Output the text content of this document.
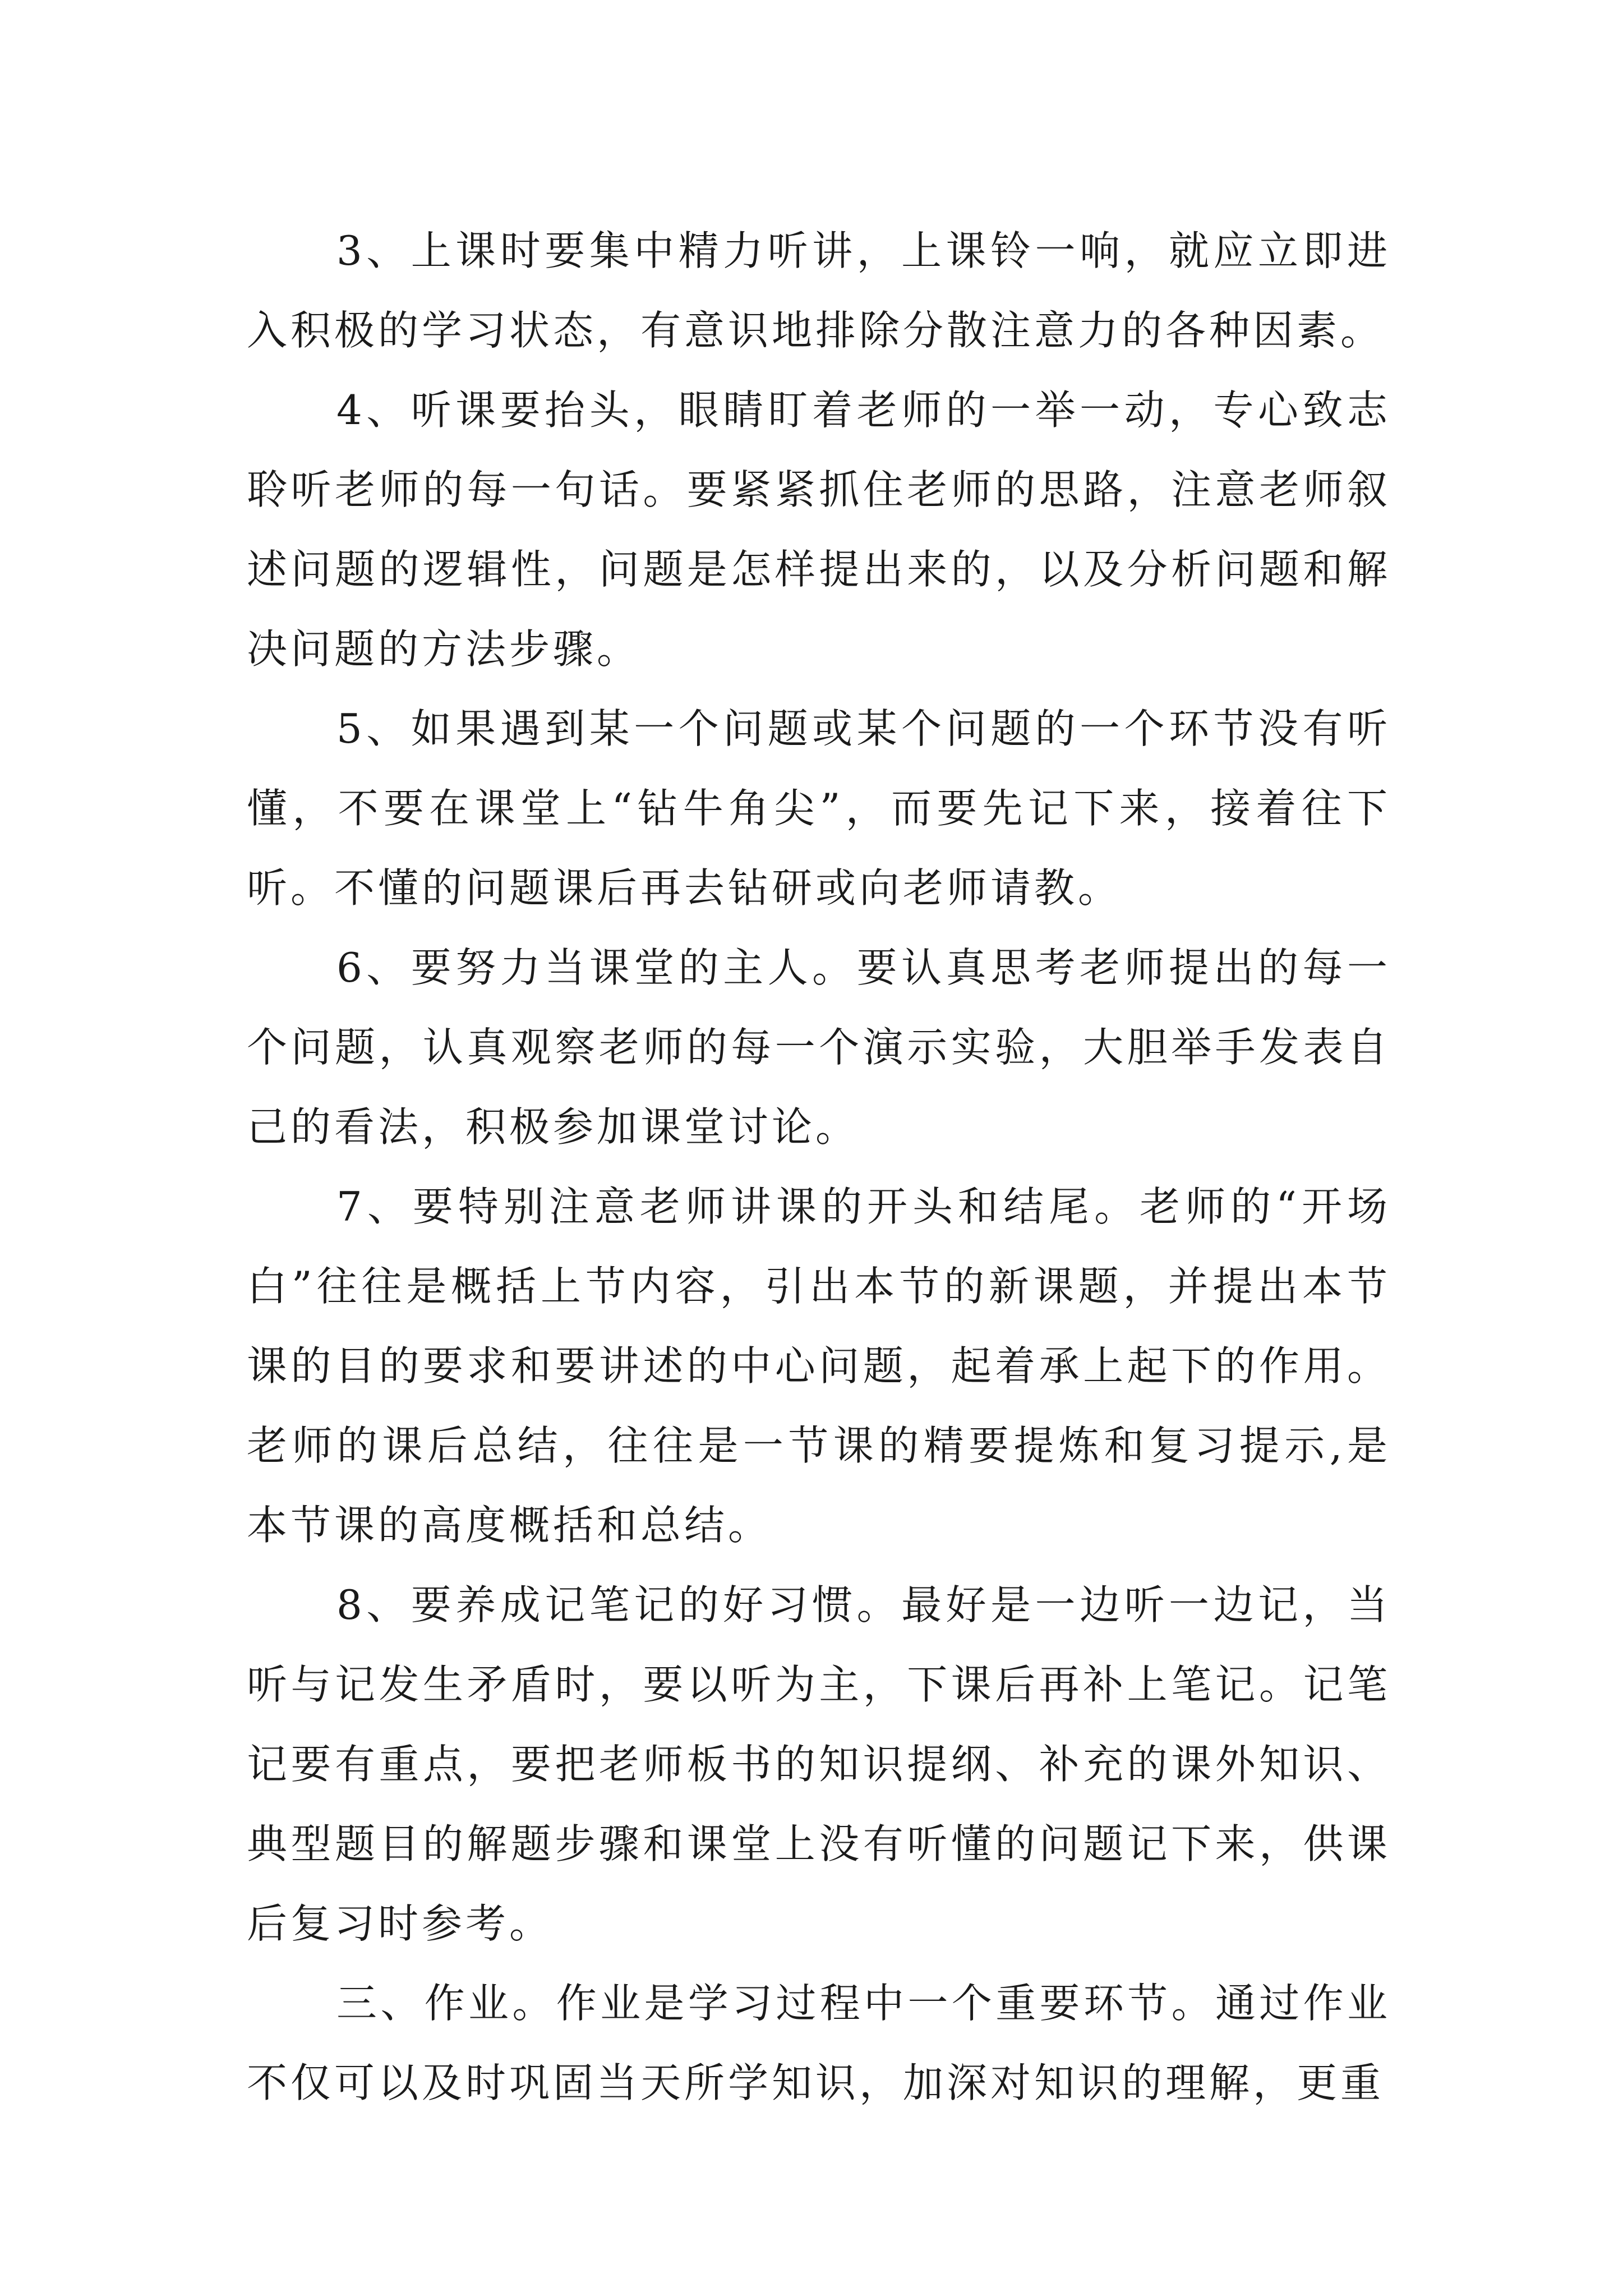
3、上课时要集中精力听讲，上课铃一响，就应立即进入积极的学习状态，有意识地排除分散注意力的各种因素。

4、听课要抬头，眼睛盯着老师的一举一动，专心致志聆听老师的每一句话。要紧紧抓住老师的思路，注意老师叙述问题的逻辑性，问题是怎样提出来的，以及分析问题和解决问题的方法步骤。

5、如果遇到某一个问题或某个问题的一个环节没有听懂，不要在课堂上“钻牛角尖”，而要先记下来，接着往下听。不懂的问题课后再去钻研或向老师请教。

6、要努力当课堂的主人。要认真思考老师提出的每一个问题，认真观察老师的每一个演示实验，大胆举手发表自己的看法，积极参加课堂讨论。

7、要特别注意老师讲课的开头和结尾。老师的“开场白”往往是概括上节内容，引出本节的新课题，并提出本节课的目的要求和要讲述的中心问题，起着承上起下的作用。老师的课后总结，往往是一节课的精要提炼和复习提示,是本节课的高度概括和总结。

8、要养成记笔记的好习惯。最好是一边听一边记，当听与记发生矛盾时，要以听为主，下课后再补上笔记。记笔记要有重点，要把老师板书的知识提纲、补充的课外知识、典型题目的解题步骤和课堂上没有听懂的问题记下来，供课后复习时参考。

三、作业。作业是学习过程中一个重要环节。通过作业不仅可以及时巩固当天所学知识，加深对知识的理解，更重
